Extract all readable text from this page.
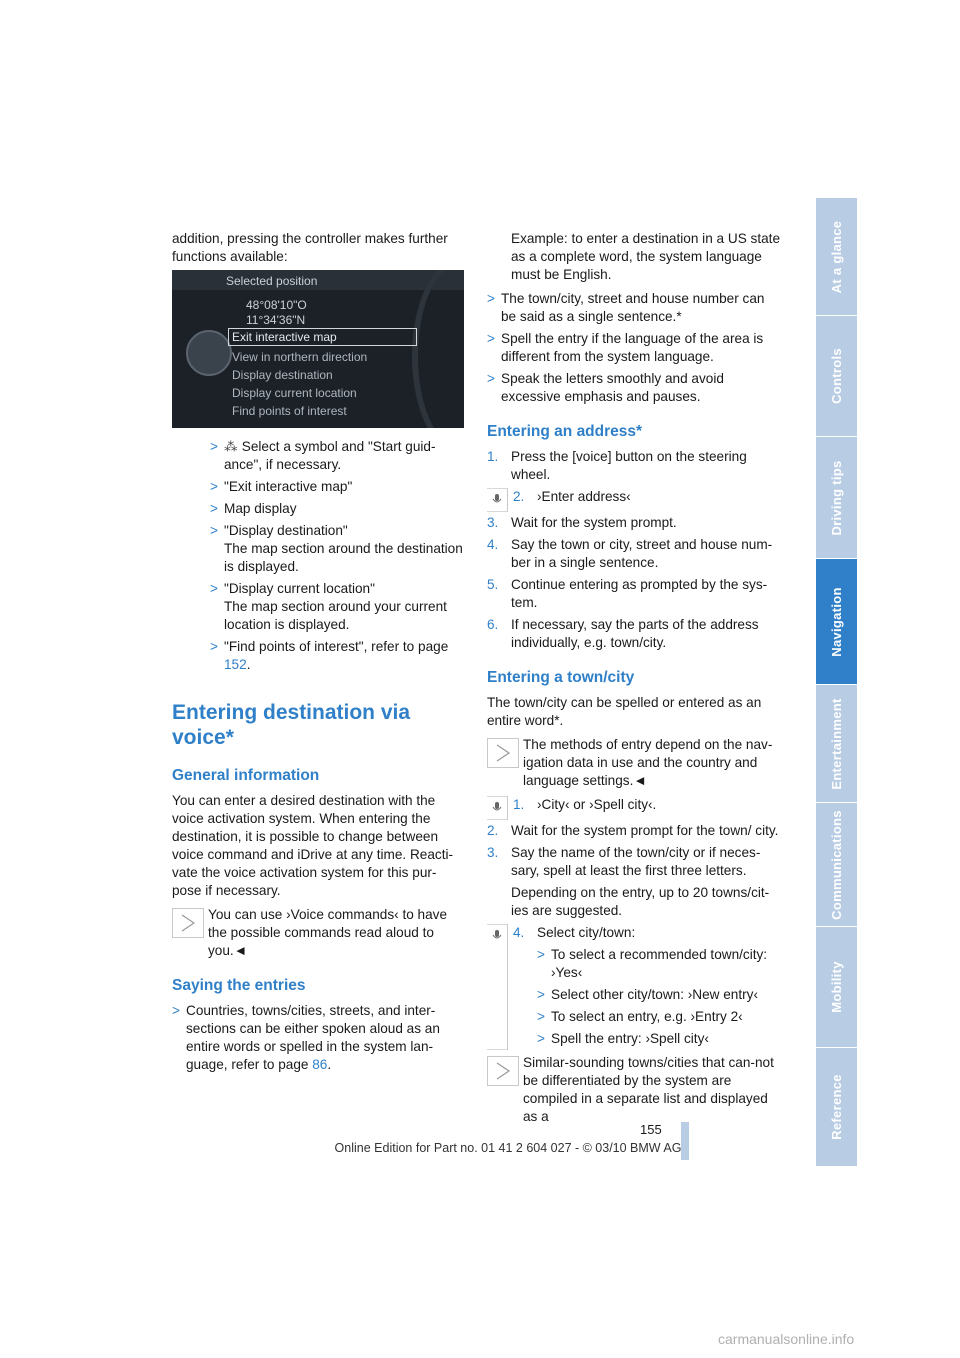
addition, pressing the controller makes further functions available:

Selected position
48°08'10"O
11°34'36"N
Exit interactive map
View in northern direction
Display destination
Display current location
Find points of interest
> ⁂ Select a symbol and "Start guid-ance", if necessary.
> "Exit interactive map"
> Map display
> "Display destination"
The map section around the destination is displayed.
> "Display current location"
The map section around your current location is displayed.
> "Find points of interest", refer to page 152.
Entering destination via voice*
General information

You can enter a desired destination with the voice activation system. When entering the destination, it is possible to change between voice command and iDrive at any time. Reacti-vate the voice activation system for this pur-pose if necessary.

You can use ›Voice commands‹ to have the possible commands read aloud to you.◄
Saying the entries
> Countries, towns/cities, streets, and inter-sections can be either spoken aloud as an entire words or spelled in the system lan-guage, refer to page 86.

Example: to enter a destination in a US state as a complete word, the system language must be English.

> The town/city, street and house number can be said as a single sentence.*
> Spell the entry if the language of the area is different from the system language.
> Speak the letters smoothly and avoid excessive emphasis and pauses.
Entering an address*
1. Press the [voice] button on the steering wheel.
2. ›Enter address‹
3. Wait for the system prompt.
4. Say the town or city, street and house num-ber in a single sentence.
5. Continue entering as prompted by the sys-tem.
6. If necessary, say the parts of the address individually, e.g. town/city.
Entering a town/city

The town/city can be spelled or entered as an entire word*.

The methods of entry depend on the nav-igation data in use and the country and language settings.◄
1. ›City‹ or ›Spell city‹.
2. Wait for the system prompt for the town/ city.
3. Say the name of the town/city or if neces-sary, spell at least the first three letters.

Depending on the entry, up to 20 towns/cit-ies are suggested.

4. Select city/town:
> To select a recommended town/city: ›Yes‹
> Select other city/town: ›New entry‹
> To select an entry, e.g. ›Entry 2‹
> Spell the entry: ›Spell city‹
Similar-sounding towns/cities that can-not be differentiated by the system are compiled in a separate list and displayed as a
At a glance
Controls
Driving tips
Navigation
Entertainment
Communications
Mobility
Reference
155
Online Edition for Part no. 01 41 2 604 027 - © 03/10 BMW AG
carmanualsonline.info
